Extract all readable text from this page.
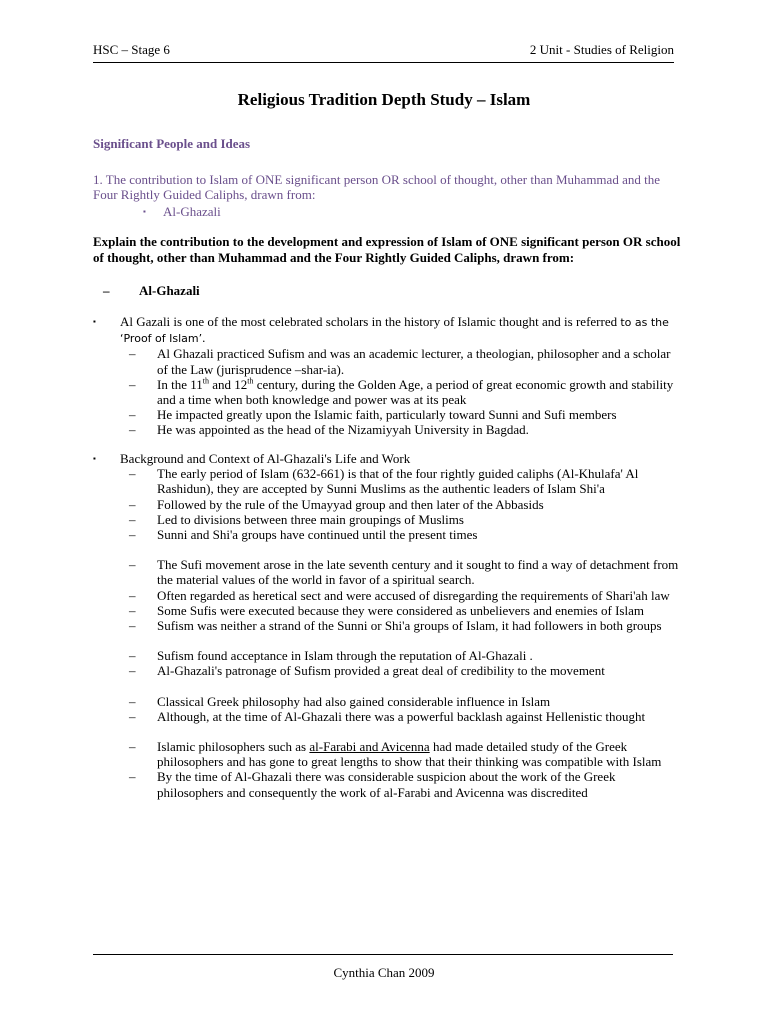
HSC – Stage 6	2 Unit - Studies of Religion
Religious Tradition Depth Study – Islam
Significant People and Ideas
1. The contribution to Islam of ONE significant person OR school of thought, other than Muhammad and the Four Rightly Guided Caliphs, drawn from:
▪ Al-Ghazali
Explain the contribution to the development and expression of Islam of ONE significant person OR school of thought, other than Muhammad and the Four Rightly Guided Caliphs, drawn from:
– Al-Ghazali
▪ Al Gazali is one of the most celebrated scholars in the history of Islamic thought and is referred to as the ‘Proof of Islam’.
– Al Ghazali practiced Sufism and was an academic lecturer, a theologian, philosopher and a scholar of the Law (jurisprudence –shar-ia).
– In the 11th and 12th century, during the Golden Age, a period of great economic growth and stability and a time when both knowledge and power was at its peak
– He impacted greatly upon the Islamic faith, particularly toward Sunni and Sufi members
– He was appointed as the head of the Nizamiyyah University in Bagdad.
▪ Background and Context of Al-Ghazali's Life and Work
– The early period of Islam (632-661) is that of the four rightly guided caliphs (Al-Khulafa' Al Rashidun), they are accepted by Sunni Muslims as the authentic leaders of Islam Shi'a
– Followed by the rule of the Umayyad group and then later of the Abbasids
– Led to divisions between three main groupings of Muslims
– Sunni and Shi'a groups have continued until the present times
– The Sufi movement arose in the late seventh century and it sought to find a way of detachment from the material values of the world in favor of a spiritual search.
– Often regarded as heretical sect and were accused of disregarding the requirements of Shari'ah law
– Some Sufis were executed because they were considered as unbelievers and enemies of Islam
– Sufism was neither a strand of the Sunni or Shi'a groups of Islam, it had followers in both groups
– Sufism found acceptance in Islam through the reputation of Al-Ghazali .
– Al-Ghazali's patronage of Sufism provided a great deal of credibility to the movement
– Classical Greek philosophy had also gained considerable influence in Islam
– Although, at the time of Al-Ghazali there was a powerful backlash against Hellenistic thought
– Islamic philosophers such as al-Farabi and Avicenna had made detailed study of the Greek philosophers and has gone to great lengths to show that their thinking was compatible with Islam
– By the time of Al-Ghazali there was considerable suspicion about the work of the Greek philosophers and consequently the work of al-Farabi and Avicenna was discredited
Cynthia Chan 2009
